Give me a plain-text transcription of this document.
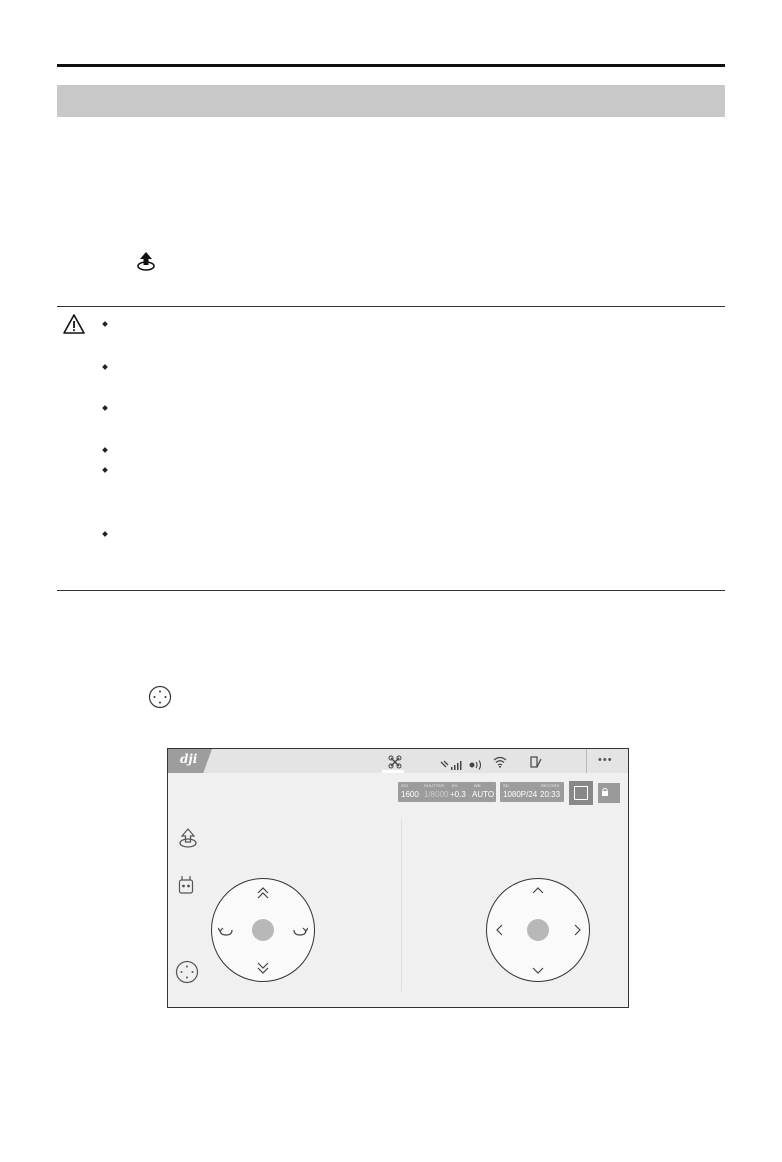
dji	•••
ISO
1600
SHUTTER
1/8000
EV
+0.3
WB
AUTO
SD
1080P/24
RECORD
20:33
